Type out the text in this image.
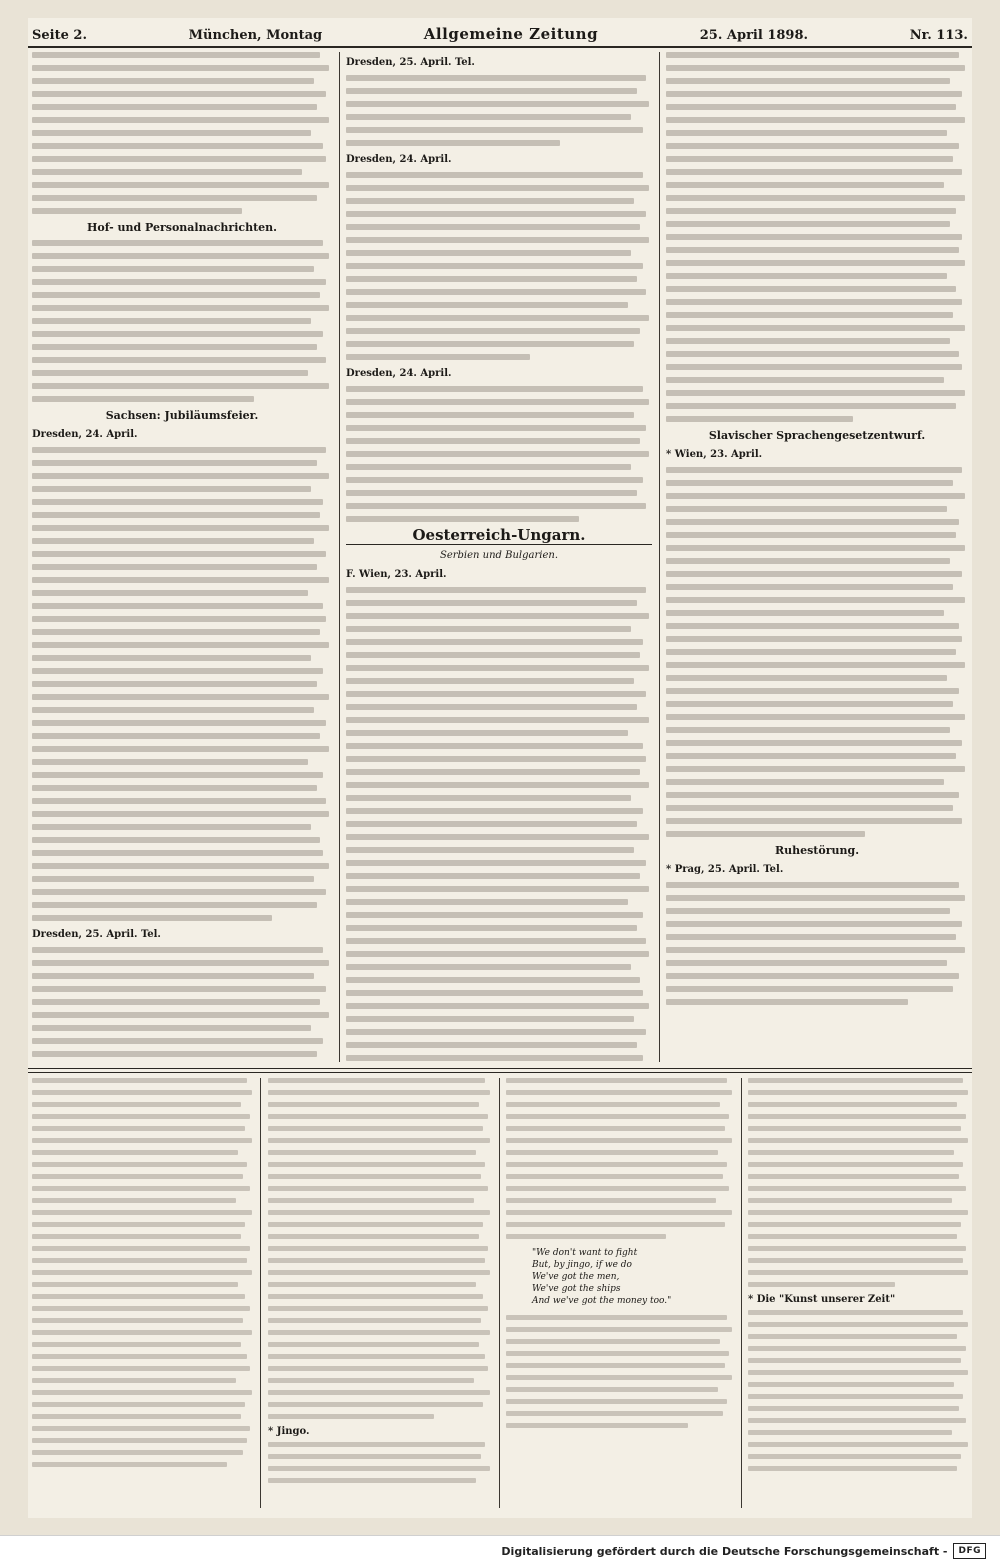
Seite 2.	München, Montag	Allgemeine Zeitung	25. April 1898.	Nr. 113.
Hof- und Personalnachrichten.
Sachsen: Jubiläumsfeier.
Dresden, 24. April.
Dresden, 25. April. Tel.
Dresden, 25. April. Tel.
Dresden, 24. April.
Dresden, 24. April.
Oesterreich-Ungarn.
Serbien und Bulgarien.
F. Wien, 23. April.
Slavischer Sprachengesetzentwurf.
* Wien, 23. April.
Ruhestörung.
* Prag, 25. April. Tel.
* Jingo.
"We don't want to fight
But, by jingo, if we do
We've got the men,
We've got the ships
And we've got the money too."	* Die "Kunst unserer Zeit"
Digitalisierung gefördert durch die Deutsche Forschungsgemeinschaft -	DFG
